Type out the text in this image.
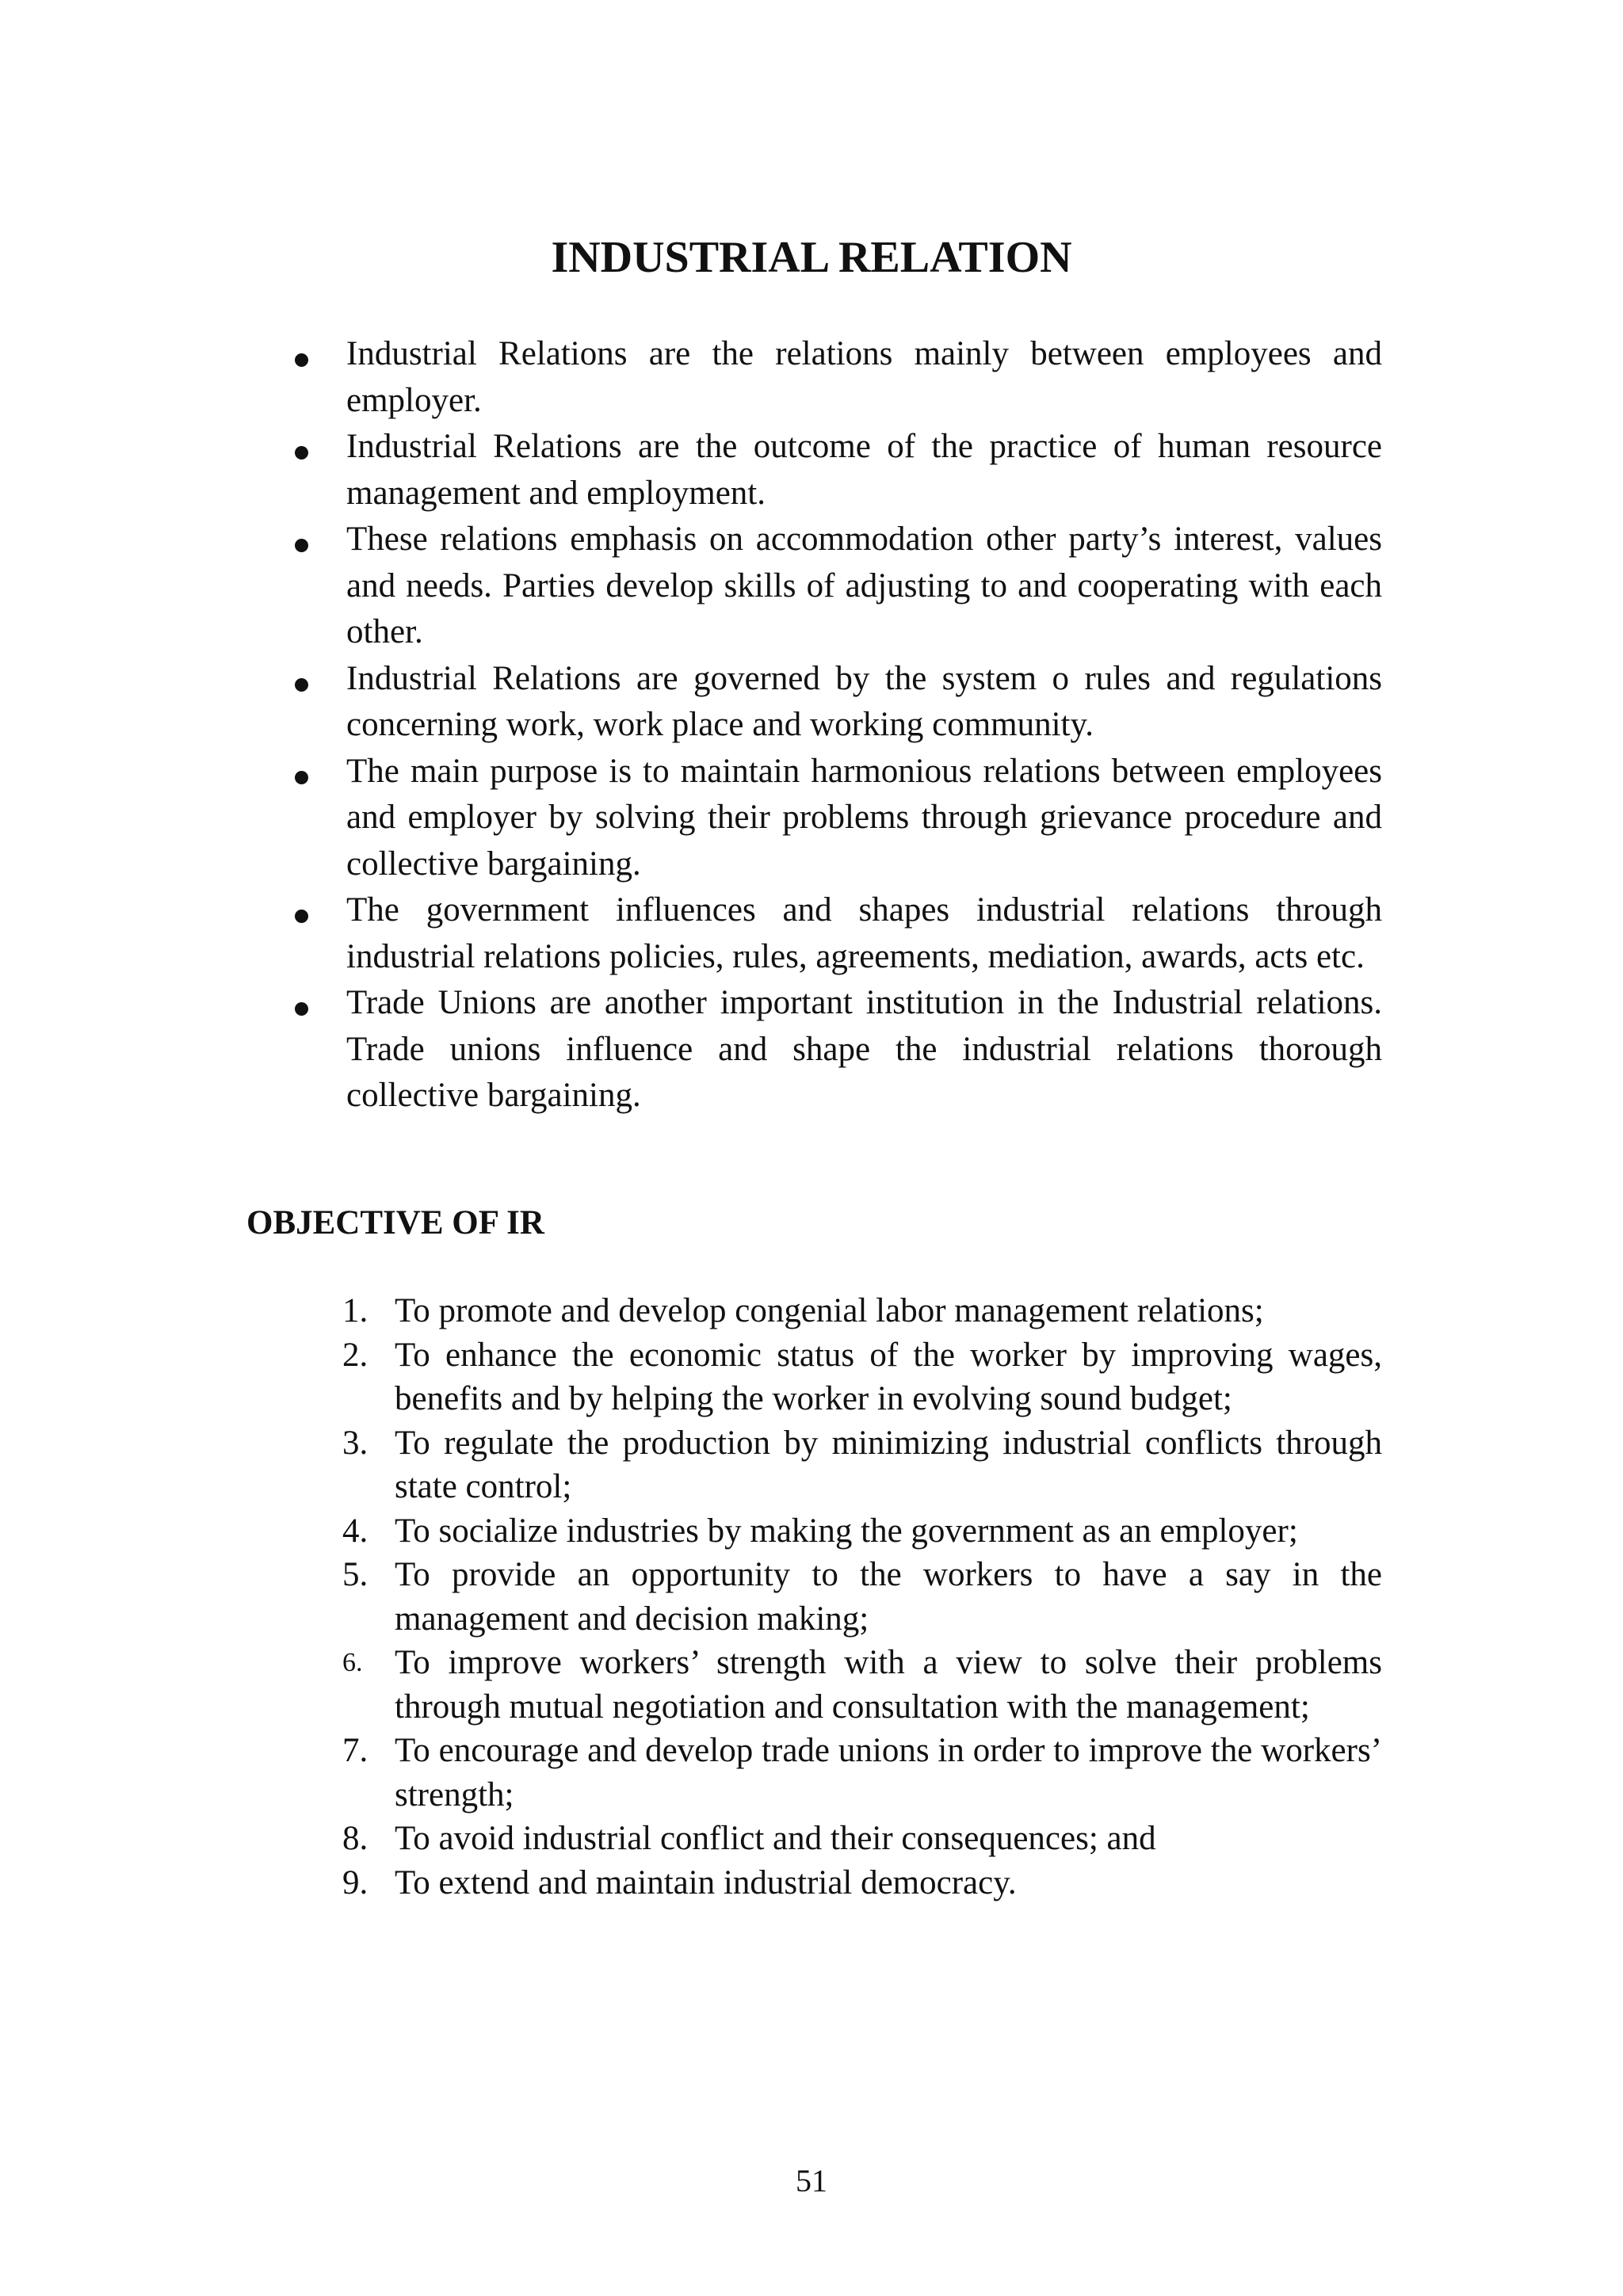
INDUSTRIAL RELATION
Industrial Relations are the relations mainly between employees and employer.
Industrial Relations are the outcome of the practice of human resource management and employment.
These relations emphasis on accommodation other party’s interest, values and needs. Parties develop skills of adjusting to and cooperating with each other.
Industrial Relations are governed by the system o rules and regulations concerning work, work place and working community.
The main purpose is to maintain harmonious relations between employees and employer by solving their problems through grievance procedure and collective bargaining.
The government influences and shapes industrial relations through industrial relations policies, rules, agreements, mediation, awards, acts etc.
Trade Unions are another important institution in the Industrial relations. Trade unions influence and shape the industrial relations thorough collective bargaining.
OBJECTIVE OF IR
1. To promote and develop congenial labor management relations;
2. To enhance the economic status of the worker by improving wages, benefits and by helping the worker in evolving sound budget;
3. To regulate the production by minimizing industrial conflicts through state control;
4. To socialize industries by making the government as an employer;
5. To provide an opportunity to the workers to have a say in the management and decision making;
6. To improve workers’ strength with a view to solve their problems through mutual negotiation and consultation with the management;
7. To encourage and develop trade unions in order to improve the workers’ strength;
8. To avoid industrial conflict and their consequences; and
9. To extend and maintain industrial democracy.

51
